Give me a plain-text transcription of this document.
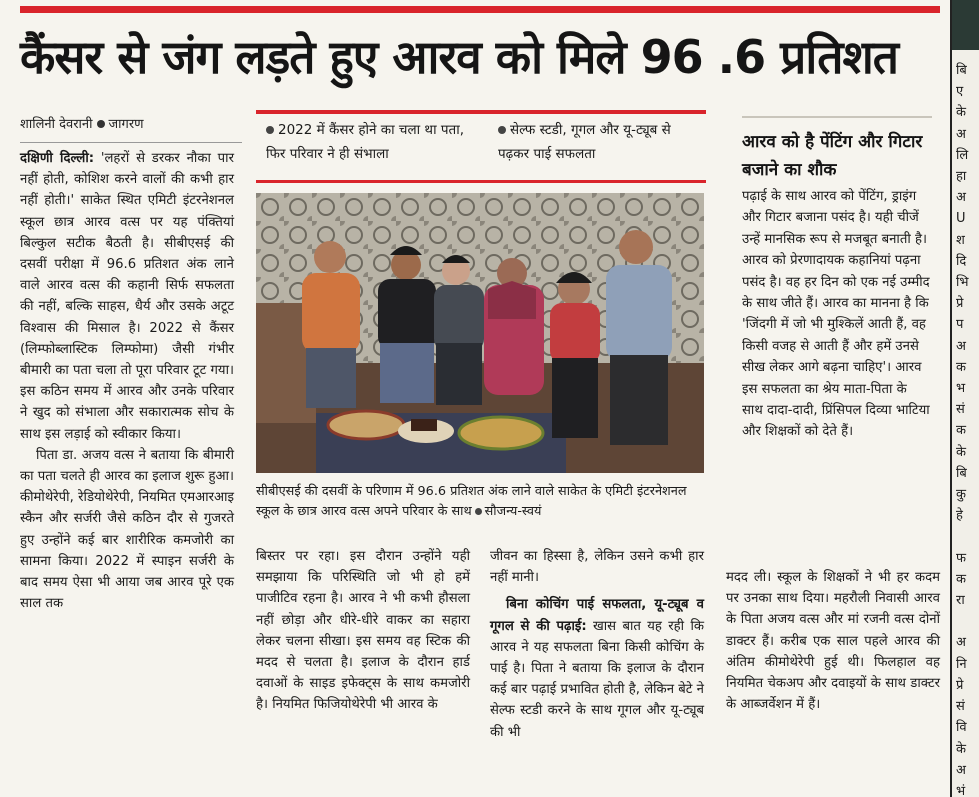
कैंसर से जंग लड़ते हुए आरव को मिले 96 .6 प्रतिशत
शालिनी देवरानी जागरण

दक्षिणी दिल्ली: 'लहरों से डरकर नौका पार नहीं होती, कोशिश करने वालों की कभी हार नहीं होती।' साकेत स्थित एमिटी इंटरनेशनल स्कूल छात्र आरव वत्स पर यह पंक्तियां बिल्कुल सटीक बैठती है। सीबीएसई की दसवीं परीक्षा में 96.6 प्रतिशत अंक लाने वाले आरव वत्स की कहानी सिर्फ सफलता की नहीं, बल्कि साहस, धैर्य और उसके अटूट विश्वास की मिसाल है। 2022 से कैंसर (लिम्फोब्लास्टिक लिम्फोमा) जैसी गंभीर बीमारी का पता चला तो पूरा परिवार टूट गया। इस कठिन समय में आरव और उनके परिवार ने खुद को संभाला और सकारात्मक सोच के साथ इस लड़ाई को स्वीकार किया।

पिता डा. अजय वत्स ने बताया कि बीमारी का पता चलते ही आरव का इलाज शुरू हुआ। कीमोथेरेपी, रेडियोथेरेपी, नियमित एमआरआइ स्कैन और सर्जरी जैसे कठिन दौर से गुजरते हुए उन्होंने कई बार शारीरिक कमजोरी का सामना किया। 2022 में स्पाइन सर्जरी के बाद समय ऐसा भी आया जब आरव पूरे एक साल तक

2022 में कैंसर होने का चला था पता, फिर परिवार ने ही संभाला
सेल्फ स्टडी, गूगल और यू-ट्यूब से पढ़कर पाई सफलता
सीबीएसई की दसवीं के परिणाम में 96.6 प्रतिशत अंक लाने वाले साकेत के एमिटी इंटरनेशनल स्कूल के छात्र आरव वत्स अपने परिवार के साथ सौजन्य-स्वयं

बिस्तर पर रहा। इस दौरान उन्होंने यही समझाया कि परिस्थिति जो भी हो हमें पाजीटिव रहना है। आरव ने भी कभी हौसला नहीं छोड़ा और धीरे-धीरे वाकर का सहारा लेकर चलना सीखा। इस समय वह स्टिक की मदद से चलता है। इलाज के दौरान हार्ड दवाओं के साइड इफेक्ट्स के साथ कमजोरी है। नियमित फिजियोथेरेपी भी आरव के

जीवन का हिस्सा है, लेकिन उसने कभी हार नहीं मानी।

बिना कोचिंग पाई सफलता, यू-ट्यूब व गूगल से की पढ़ाई: खास बात यह रही कि आरव ने यह सफलता बिना किसी कोचिंग के पाई है। पिता ने बताया कि इलाज के दौरान कई बार पढ़ाई प्रभावित होती है, लेकिन बेटे ने सेल्फ स्टडी करने के साथ गूगल और यू-ट्यूब की भी

आरव को है पेंटिंग और गिटार बजाने का शौक

पढ़ाई के साथ आरव को पेंटिंग, ड्राइंग और गिटार बजाना पसंद है। यही चीजें उन्हें मानसिक रूप से मजबूत बनाती है। आरव को प्रेरणादायक कहानियां पढ़ना पसंद है। वह हर दिन को एक नई उम्मीद के साथ जीते हैं। आरव का मानना है कि 'जिंदगी में जो भी मुश्किलें आती हैं, वह किसी वजह से आती हैं और हमें उनसे सीख लेकर आगे बढ़ना चाहिए'। आरव इस सफलता का श्रेय माता-पिता के साथ दादा-दादी, प्रिंसिपल दिव्या भाटिया और शिक्षकों को देते हैं।

मदद ली। स्कूल के शिक्षकों ने भी हर कदम पर उनका साथ दिया। महरौली निवासी आरव के पिता अजय वत्स और मां रजनी वत्स दोनों डाक्टर हैं। करीब एक साल पहले आरव की अंतिम कीमोथेरेपी हुई थी। फिलहाल वह नियमित चेकअप और दवाइयों के साथ डाक्टर के आब्जर्वेशन में हैं।

बि
ए
के
अ
लि
हा
अ
U
श
दि
भि
प्रे
प
अ
क
भ
सं
क
के
बि
कु
हे

फ
क
रा

अ
नि
प्रे
सं
वि
के
अ
भं
